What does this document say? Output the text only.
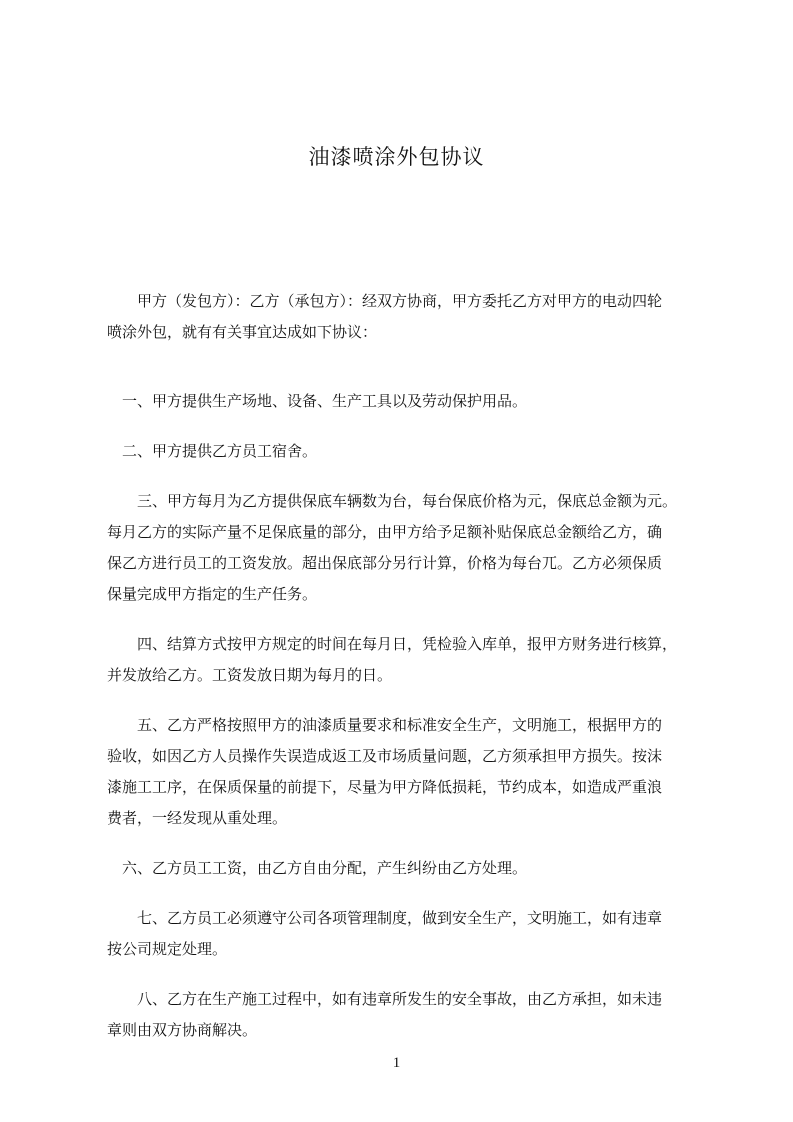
油漆喷涂外包协议
　　甲方（发包方）：乙方（承包方）：经双方协商，甲方委托乙方对甲方的电动四轮
喷涂外包，就有有关事宜达成如下协议：
　一、甲方提供生产场地、设备、生产工具以及劳动保护用品。
　二、甲方提供乙方员工宿舍。
　　三、甲方每月为乙方提供保底车辆数为台，每台保底价格为元，保底总金额为元。
每月乙方的实际产量不足保底量的部分，由甲方给予足额补贴保底总金额给乙方，确
保乙方进行员工的工资发放。超出保底部分另行计算，价格为每台兀。乙方必须保质
保量完成甲方指定的生产任务。
　　四、结算方式按甲方规定的时间在每月日，凭检验入库单，报甲方财务进行核算，
并发放给乙方。工资发放日期为每月的日。
　　五、乙方严格按照甲方的油漆质量要求和标准安全生产，文明施工，根据甲方的
验收，如因乙方人员操作失误造成返工及市场质量问题，乙方须承担甲方损失。按沫
漆施工工序，在保质保量的前提下，尽量为甲方降低损耗，节约成本，如造成严重浪
费者，一经发现从重处理。
　六、乙方员工工资，由乙方自由分配，产生纠纷由乙方处理。
　　七、乙方员工必须遵守公司各项管理制度，做到安全生产，文明施工，如有违章
按公司规定处理。
　　八、乙方在生产施工过程中，如有违章所发生的安全事故，由乙方承担，如未违
章则由双方协商解决。
1
